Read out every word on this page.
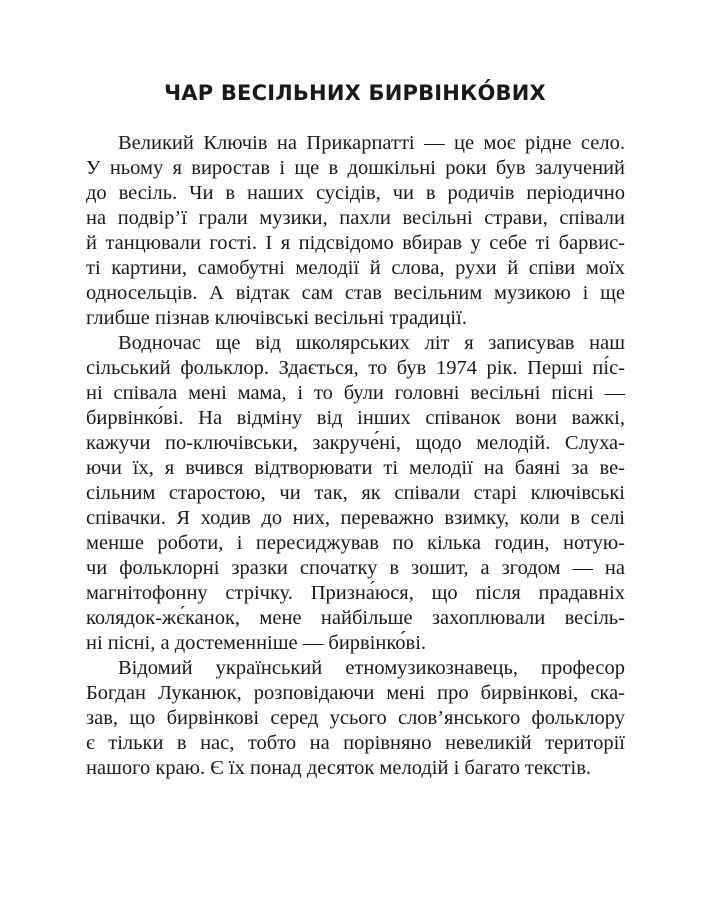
ЧАР ВЕСІЛЬНИХ БИРВІНКО́ВИХ

Великий Ключів на Прикарпатті — це моє рідне село.
У ньому я виростав і ще в дошкільні роки був залучений
до весіль. Чи в наших сусідів, чи в родичів періодично
на подвір’ї грали музики, пахли весільні страви, співали
й танцювали гості. І я підсвідомо вбирав у себе ті барвис-
ті картини, самобутні мелодії й слова, рухи й співи моїх
односельців. А відтак сам став весільним музикою і ще
глибше пізнав ключівські весільні традиції.

Водночас ще від школярських літ я записував наш
сільський фольклор. Здається, то був 1974 рік. Перші пі́с-
ні співала мені мама, і то були головні весільні пісні —
бирвінко́ві. На відміну від інших співанок вони важкі,
кажучи по-ключівськи, закруче́ні, щодо мелодій. Слуха-
ючи їх, я вчився відтворювати ті мелодії на баяні за ве-
сільним старостою, чи так, як співали старі ключівські
співачки. Я ходив до них, переважно взимку, коли в селі
менше роботи, і пересиджував по кілька годин, нотую-
чи фольклорні зразки спочатку в зошит, а згодом — на
магнітофонну стрічку. Призна́юся, що після прадавніх
колядок-жє́канок, мене найбільше захоплювали весіль-
ні пісні, а достеменніше — бирвінко́ві.

Відомий український етномузикознавець, професор
Богдан Луканюк, розповідаючи мені про бирвінкові, ска-
зав, що бирвінкові серед усього слов’янського фольклору
є тільки в нас, тобто на порівняно невеликій території
нашого краю. Є їх понад десяток мелодій і багато текстів.
